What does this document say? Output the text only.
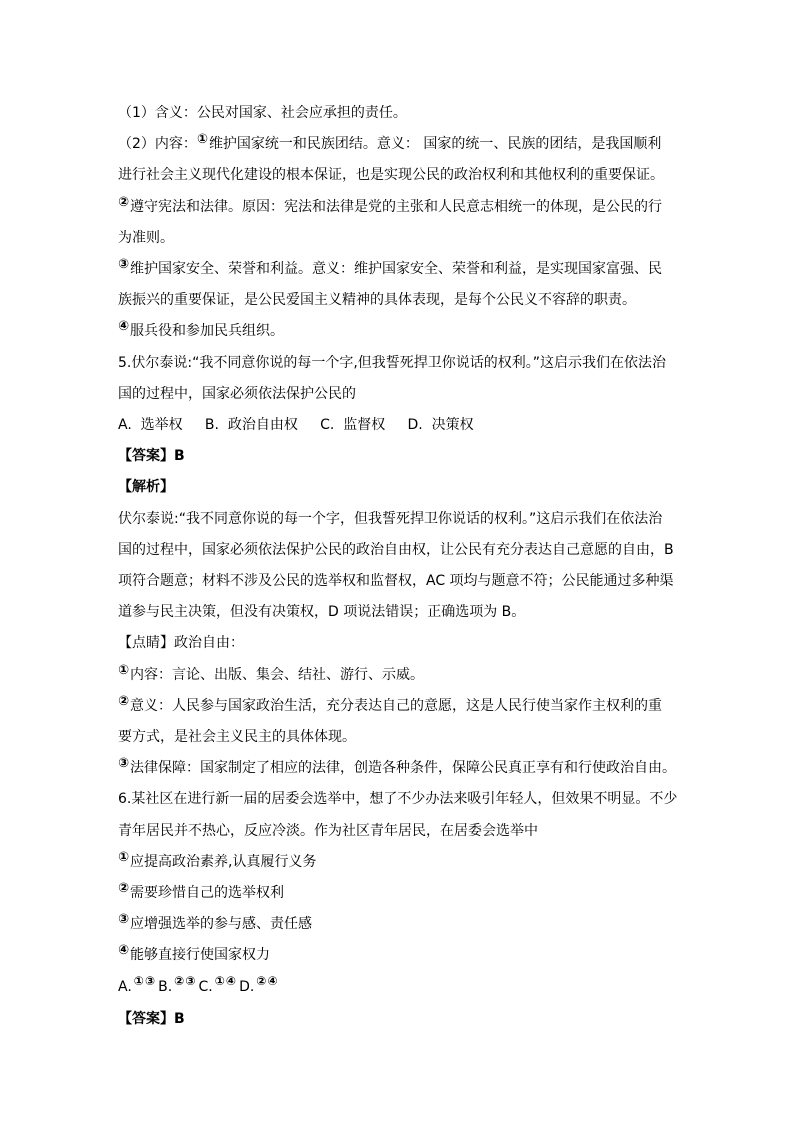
（1）含义：公民对国家、社会应承担的责任。
（2）内容：①维护国家统一和民族团结。意义： 国家的统一、民族的团结，是我国顺利
进行社会主义现代化建设的根本保证，也是实现公民的政治权利和其他权利的重要保证。
②遵守宪法和法律。原因：宪法和法律是党的主张和人民意志相统一的体现，是公民的行
为准则。
③维护国家安全、荣誉和利益。意义：维护国家安全、荣誉和利益，是实现国家富强、民
族振兴的重要保证，是公民爱国主义精神的具体表现，是每个公民义不容辞的职责。
④服兵役和参加民兵组织。
5.伏尔泰说:“我不同意你说的每一个字,但我誓死捍卫你说话的权利。”这启示我们在依法治
国的过程中，国家必须依法保护公民的
A.  选举权     B.  政治自由权     C.  监督权     D.  决策权
【答案】B
【解析】
伏尔泰说:“我不同意你说的每一个字，但我誓死捍卫你说话的权利。”这启示我们在依法治
国的过程中，国家必须依法保护公民的政治自由权，让公民有充分表达自己意愿的自由，B
项符合题意；材料不涉及公民的选举权和监督权，AC 项均与题意不符；公民能通过多种渠
道参与民主决策，但没有决策权，D 项说法错误；正确选项为 B。
【点睛】政治自由：
①内容：言论、出版、集会、结社、游行、示威。
②意义：人民参与国家政治生活，充分表达自己的意愿，这是人民行使当家作主权利的重
要方式，是社会主义民主的具体体现。
③法律保障：国家制定了相应的法律，创造各种条件，保障公民真正享有和行使政治自由。
6.某社区在进行新一届的居委会选举中，想了不少办法来吸引年轻人，但效果不明显。不少
青年居民并不热心，反应冷淡。作为社区青年居民，在居委会选举中
①应提高政治素养,认真履行义务
②需要珍惜自己的选举权利
③应增强选举的参与感、责任感
④能够直接行使国家权力
A. ①③ B. ②③ C. ①④ D. ②④
【答案】B
